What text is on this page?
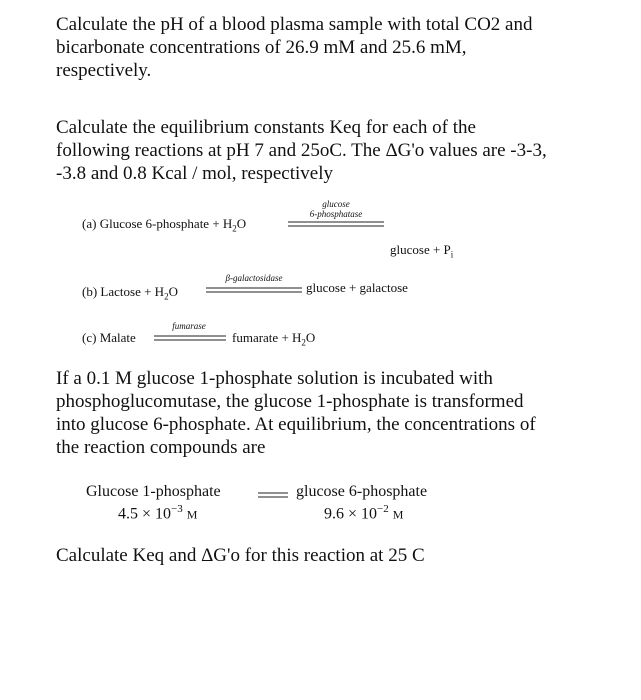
Calculate the pH of a blood plasma sample with total CO2 and
bicarbonate concentrations of 26.9 mM and 25.6 mM,
respectively.

Calculate the equilibrium constants Keq for each of the
following reactions at pH 7 and 25oC. The ΔG'o values are -3-3,
-3.8 and 0.8 Kcal / mol, respectively

(a) Glucose 6-phosphate + $H_2O$
glucose
6-phosphatase
$glucose + P_i$
(b) Lactose + $H_2O$
β-galactosidase
glucose + galactose
(c) Malate
fumarase
fumarate + $H_2O$

If a 0.1 M glucose 1-phosphate solution is incubated with
phosphoglucomutase, the glucose 1-phosphate is transformed
into glucose 6-phosphate. At equilibrium, the concentrations of
the reaction compounds are

Glucose 1-phosphate	glucose 6-phosphate
$4.5 \times 10^{-3}$ M	$9.6 \times 10^{-2}$ M

Calculate Keq and ΔG'o for this reaction at 25 C
